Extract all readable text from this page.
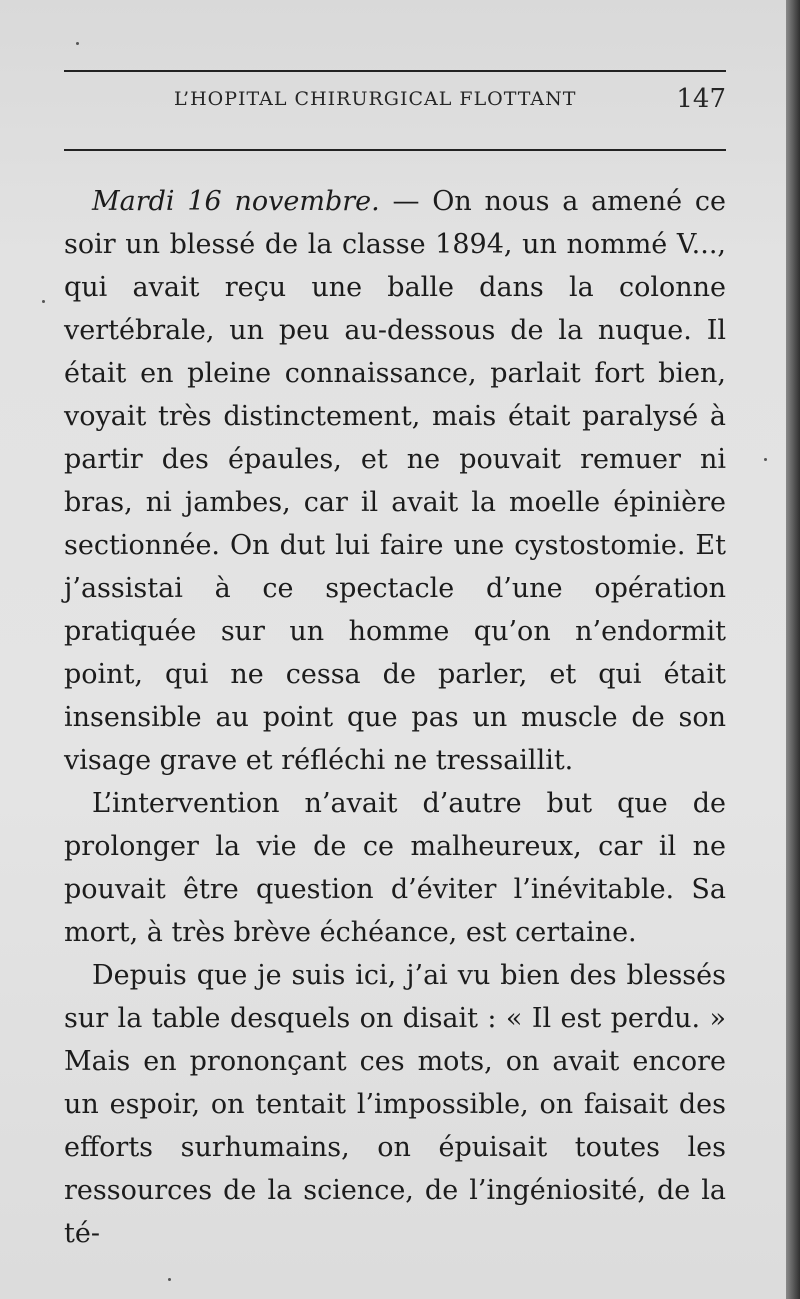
L’HOPITAL CHIRURGICAL FLOTTANT	147

Mardi 16 novembre. — On nous a amené ce soir un blessé de la classe 1894, un nommé V..., qui avait reçu une balle dans la colonne vertébrale, un peu au-dessous de la nuque. Il était en pleine connaissance, parlait fort bien, voyait très distinctement, mais était paralysé à partir des épaules, et ne pouvait remuer ni bras, ni jambes, car il avait la moelle épinière sectionnée. On dut lui faire une cystostomie. Et j’assistai à ce spectacle d’une opération pratiquée sur un homme qu’on n’endormit point, qui ne cessa de parler, et qui était insensible au point que pas un muscle de son visage grave et réfléchi ne tressaillit.

L’intervention n’avait d’autre but que de prolonger la vie de ce malheureux, car il ne pouvait être question d’éviter l’inévitable. Sa mort, à très brève échéance, est certaine.

Depuis que je suis ici, j’ai vu bien des blessés sur la table desquels on disait : « Il est perdu. » Mais en prononçant ces mots, on avait encore un espoir, on tentait l’impossible, on faisait des efforts surhumains, on épuisait toutes les ressources de la science, de l’ingéniosité, de la té-
